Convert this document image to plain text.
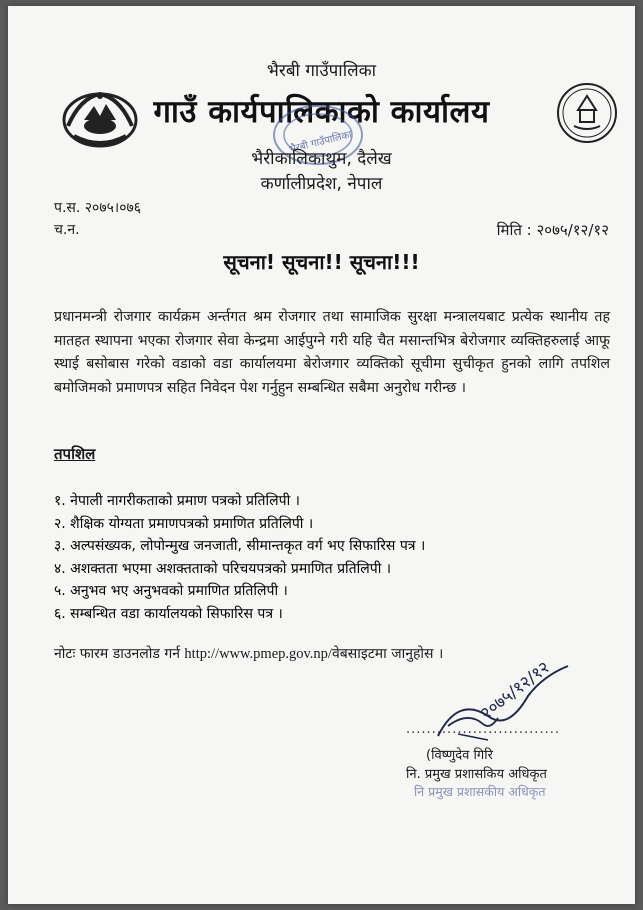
भैरबी गाउँपालिका
गाउँ कार्यपालिकाको कार्यालय
भैरबी गाउँपालिका
भैरीकालिकाथुम, दैलेख
कर्णालीप्रदेश, नेपाल
प.स. २०७५।०७६
च.न.	मिति : २०७५/१२/१२
सूचना! सूचना!! सूचना!!!
प्रधानमन्त्री रोजगार कार्यक्रम अर्न्तगत श्रम रोजगार तथा सामाजिक सुरक्षा मन्त्रालयबाट प्रत्येक स्थानीय तह मातहत स्थापना भएका रोजगार सेवा केन्द्रमा आईपुग्ने गरी यहि चैत मसान्तभित्र बेरोजगार व्यक्तिहरुलाई आफू स्थाई बसोबास गरेको वडाको वडा कार्यालयमा बेरोजगार व्यक्तिको सूचीमा सुचीकृत हुनको लागि तपशिल बमोजिमको प्रमाणपत्र सहित निवेदन पेश गर्नुहुन सम्बन्धित सबैमा अनुरोध गरीन्छ ।
तपशिल
१. नेपाली नागरीकताको प्रमाण पत्रको प्रतिलिपी ।
२. शैक्षिक योग्यता प्रमाणपत्रको प्रमाणित प्रतिलिपी ।
३. अल्पसंख्यक, लोपोन्मुख जनजाती, सीमान्तकृत वर्ग भए सिफारिस पत्र ।
४. अशक्तता भएमा अशक्तताको परिचयपत्रको प्रमाणित प्रतिलिपी ।
५. अनुभव भए अनुभवको प्रमाणित प्रतिलिपी ।
६. सम्बन्धित वडा कार्यालयको सिफारिस पत्र ।
नोटः फारम डाउनलोड गर्न http://www.pmep.gov.np/वेबसाइटमा जानुहोस ।
२०७५/१२/१२
..............................
(विष्णुदेव गिरि
नि. प्रमुख प्रशासकिय अधिकृत
नि प्रमुख प्रशासकीय अधिकृत
